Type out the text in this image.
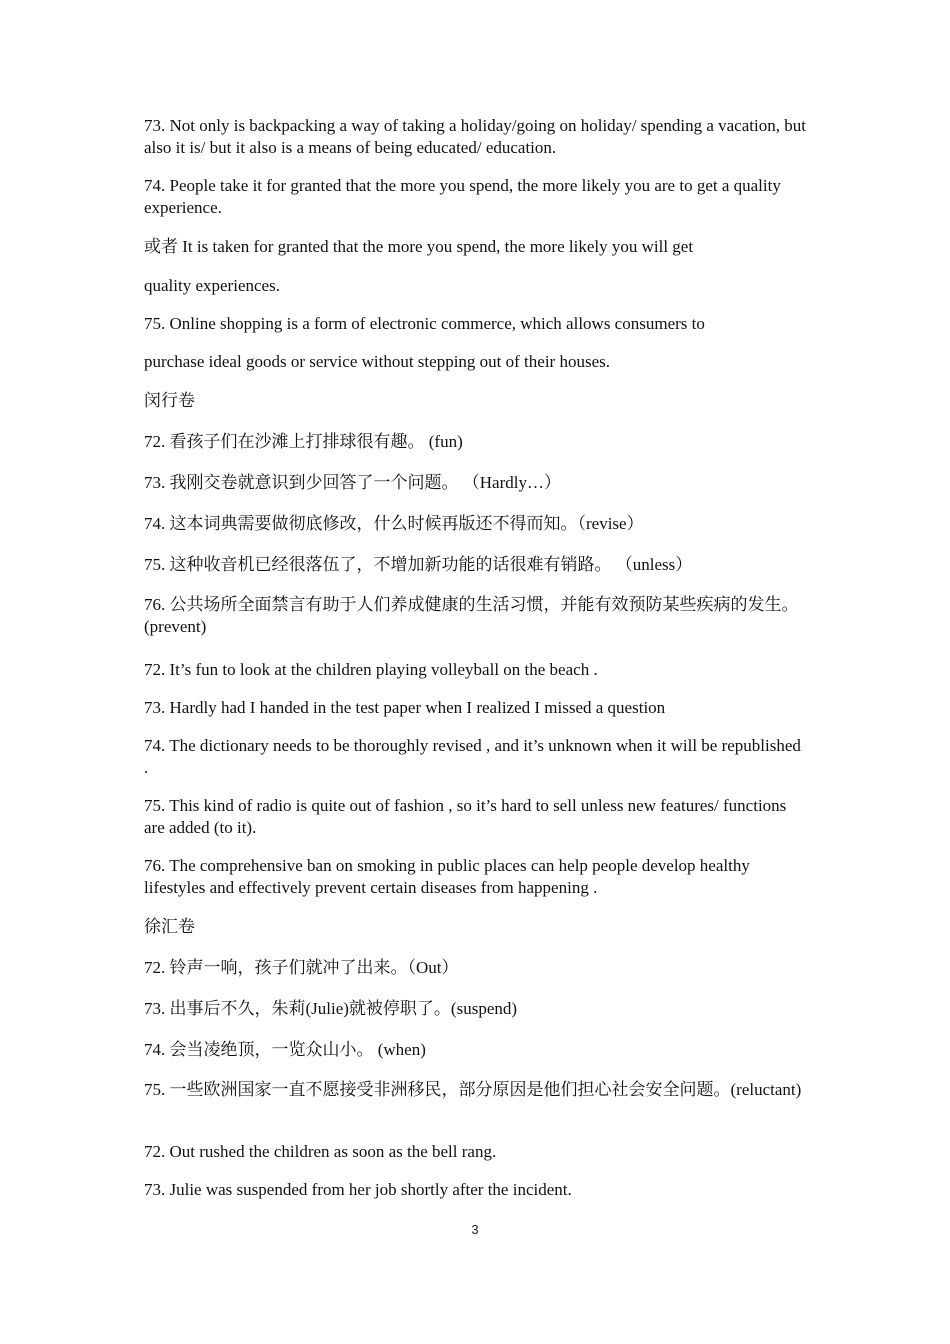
73. Not only is backpacking a way of taking a holiday/going on holiday/ spending a vacation, but also it is/ but it also is a means of being educated/ education.
74. People take it for granted that the more you spend, the more likely you are to get a quality experience.
或者 It is taken for granted that the more you spend, the more likely you will get
quality experiences.
75. Online shopping is a form of electronic commerce, which allows consumers to
purchase ideal goods or service without stepping out of their houses.
闵行卷
72. 看孩子们在沙滩上打排球很有趣。 (fun)
73. 我刚交卷就意识到少回答了一个问题。 （Hardly…）
74. 这本词典需要做彻底修改，什么时候再版还不得而知。（revise）
75. 这种收音机已经很落伍了，不增加新功能的话很难有销路。 （unless）
76. 公共场所全面禁言有助于人们养成健康的生活习惯，并能有效预防某些疾病的发生。(prevent)
72. It’s fun to look at the children playing volleyball on the beach .
73. Hardly had I handed in the test paper when I realized I missed a question
74. The dictionary needs to be thoroughly revised , and it’s unknown when it will be republished .
75. This kind of radio is quite out of fashion , so it’s hard to sell unless new features/ functions are added (to it).
76. The comprehensive ban on smoking in public places can help people develop healthy lifestyles and effectively prevent certain diseases from happening .
徐汇卷
72. 铃声一响，孩子们就冲了出来。（Out）
73. 出事后不久，朱莉(Julie)就被停职了。(suspend)
74. 会当凌绝顶，一览众山小。 (when)
75. 一些欧洲国家一直不愿接受非洲移民，部分原因是他们担心社会安全问题。(reluctant)
72. Out rushed the children as soon as the bell rang.
73. Julie was suspended from her job shortly after the incident.
3
